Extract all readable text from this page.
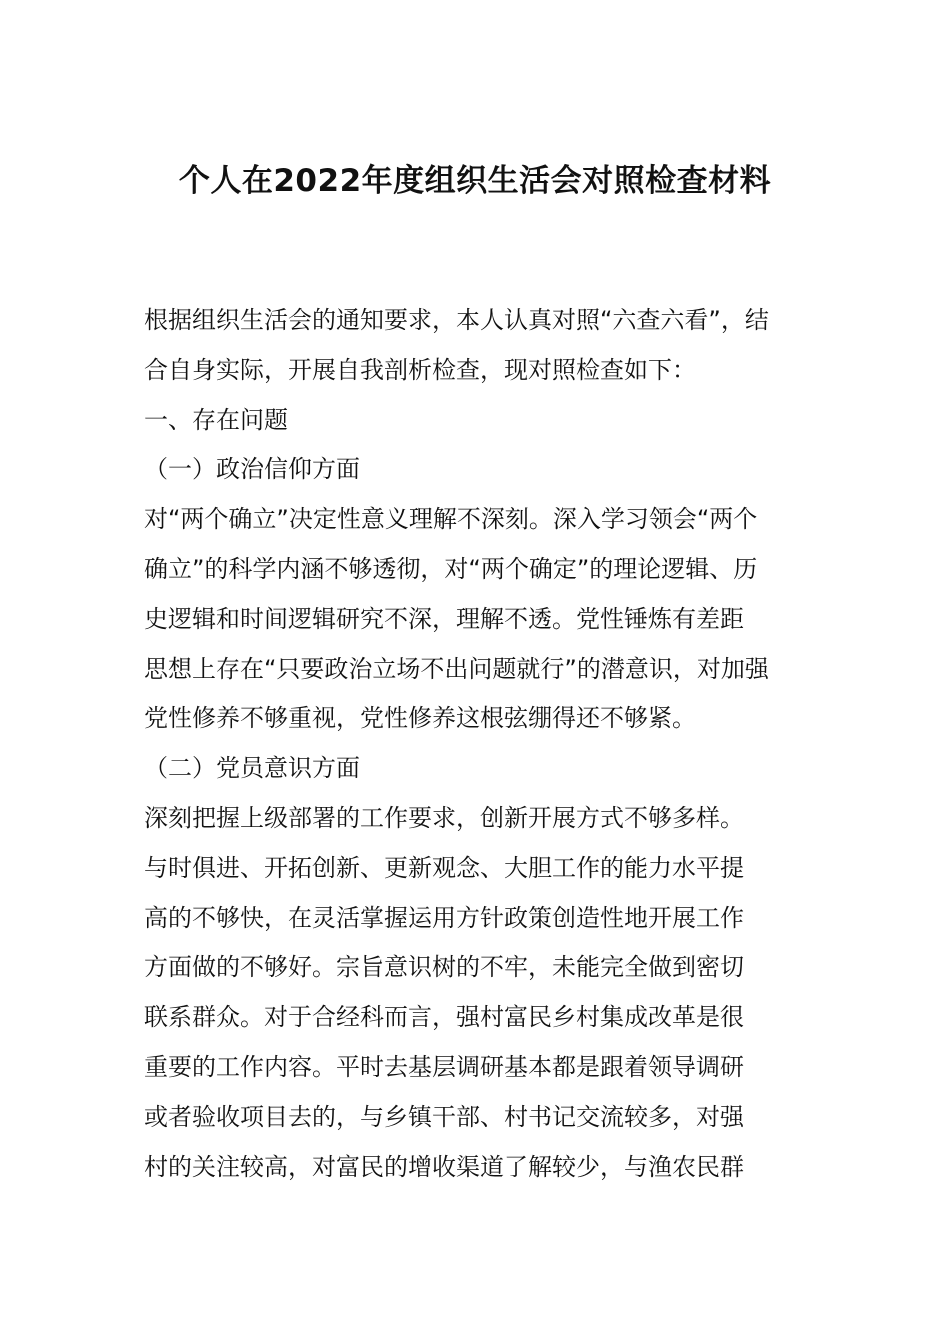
个人在2022年度组织生活会对照检查材料
根据组织生活会的通知要求，本人认真对照“六查六看”，结
合自身实际，开展自我剖析检查，现对照检查如下：
一、存在问题
（一）政治信仰方面
对“两个确立”决定性意义理解不深刻。深入学习领会“两个
确立”的科学内涵不够透彻，对“两个确定”的理论逻辑、历
史逻辑和时间逻辑研究不深，理解不透。党性锤炼有差距
思想上存在“只要政治立场不出问题就行”的潜意识，对加强
党性修养不够重视，党性修养这根弦绷得还不够紧。
（二）党员意识方面
深刻把握上级部署的工作要求，创新开展方式不够多样。
与时俱进、开拓创新、更新观念、大胆工作的能力水平提
高的不够快，在灵活掌握运用方针政策创造性地开展工作
方面做的不够好。宗旨意识树的不牢，未能完全做到密切
联系群众。对于合经科而言，强村富民乡村集成改革是很
重要的工作内容。平时去基层调研基本都是跟着领导调研
或者验收项目去的，与乡镇干部、村书记交流较多，对强
村的关注较高，对富民的增收渠道了解较少，与渔农民群
